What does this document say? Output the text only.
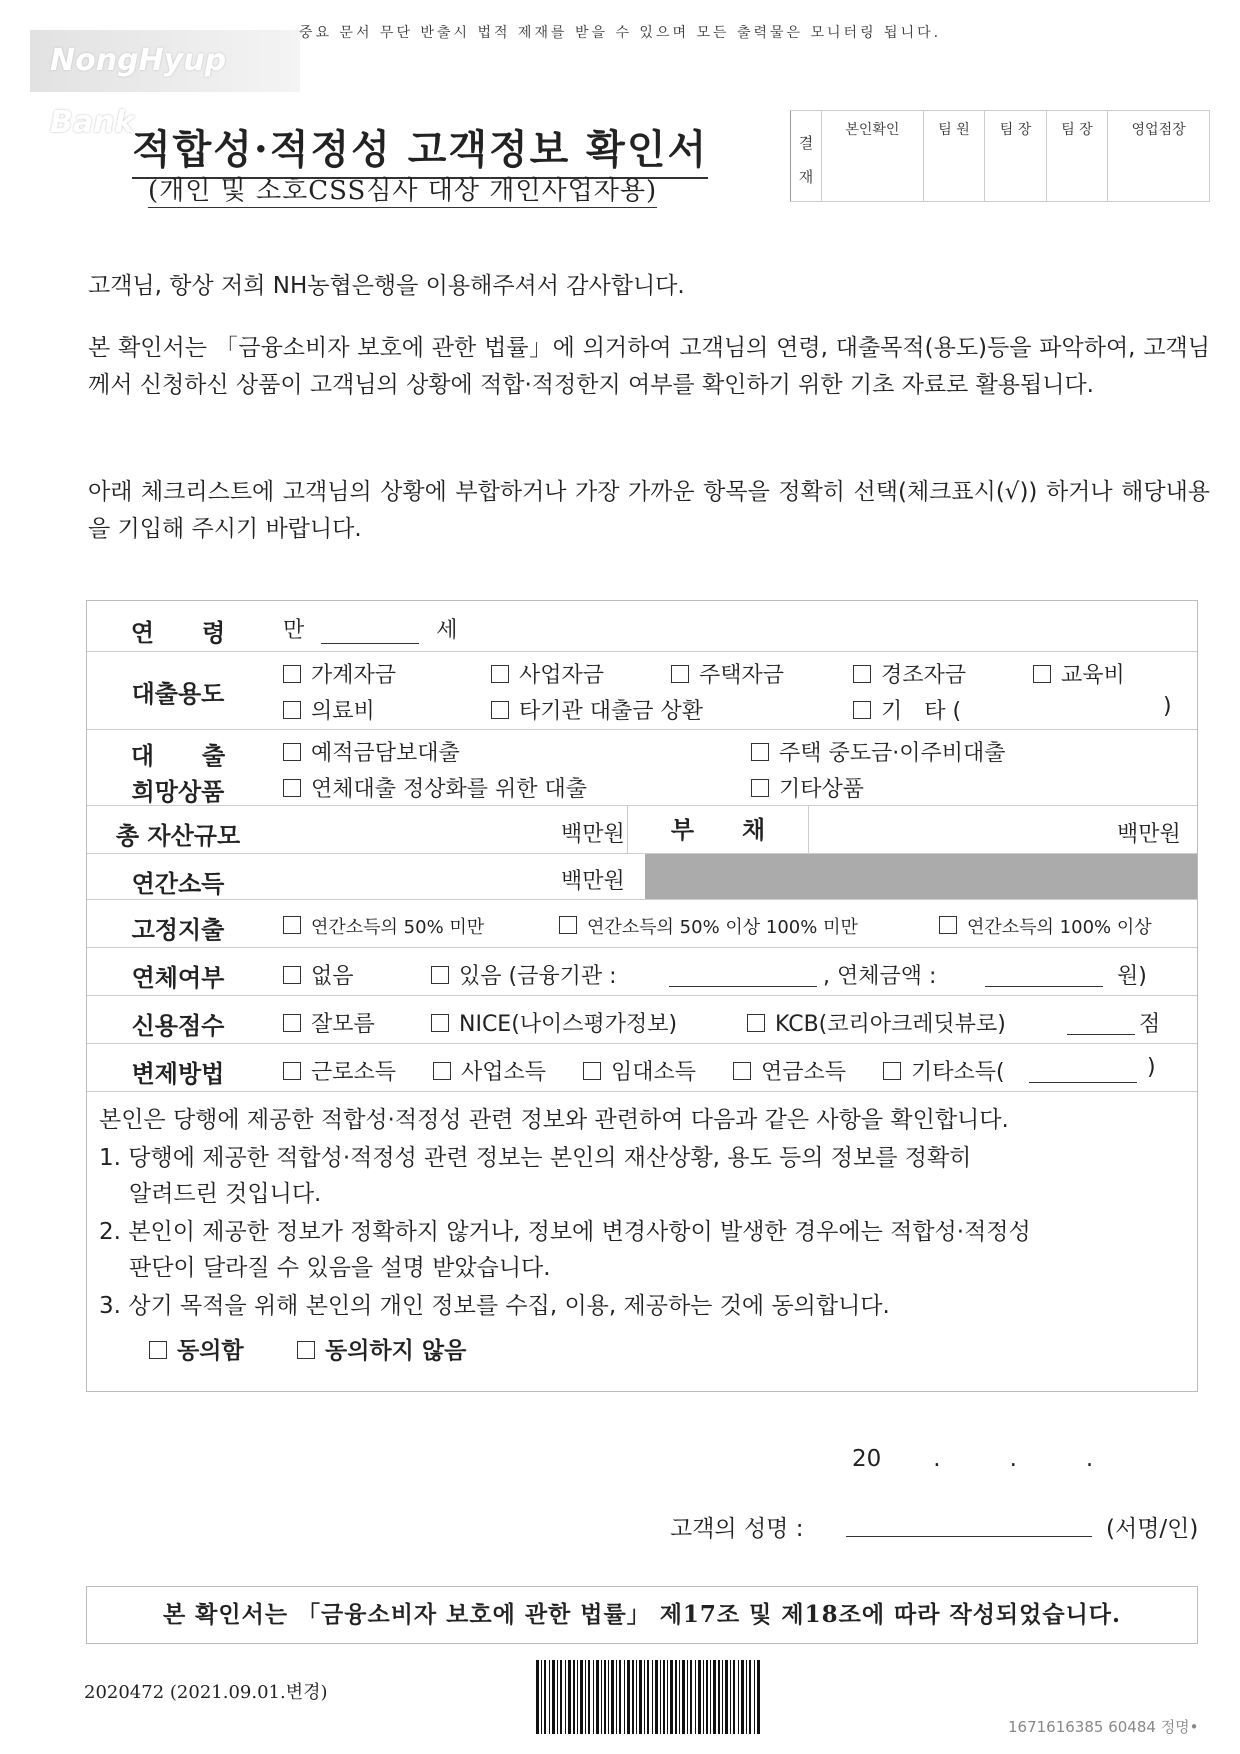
NongHyup Bank
중요 문서 무단 반출시 법적 제재를 받을 수 있으며 모든 출력물은 모니터링 됩니다.
적합성·적정성 고객정보 확인서
(개인 및 소호CSS심사 대상 개인사업자용)
결
재	본인확인	팀 원	팀 장	팀 장	영업점장
고객님, 항상 저희 NH농협은행을 이용해주셔서 감사합니다.
본 확인서는 「금융소비자 보호에 관한 법률」에 의거하여 고객님의 연령, 대출목적(용도)등을 파악하여, 고객님께서 신청하신 상품이 고객님의 상황에 적합·적정한지 여부를 확인하기 위한 기초 자료로 활용됩니다.
아래 체크리스트에 고객님의 상황에 부합하거나 가장 가까운 항목을 정확히 선택(체크표시(√)) 하거나 해당내용을 기입해 주시기 바랍니다.
연　　령	만	세
대출용도
가계자금	사업자금	주택자금	경조자금	교육비
의료비	타기관 대출금 상환	기　타 (	)
대　　출
희망상품
예적금담보대출	주택 중도금·이주비대출
연체대출 정상화를 위한 대출	기타상품
총 자산규모	백만원	부　　채	백만원
연간소득	백만원
고정지출	연간소득의 50% 미만	연간소득의 50% 이상 100% 미만	연간소득의 100% 이상
연체여부	없음	있음 (금융기관 :	, 연체금액 :	원)
신용점수	잘모름	NICE(나이스평가정보)	KCB(코리아크레딧뷰로)	점
변제방법	근로소득	사업소득	임대소득	연금소득	기타소득(	)
본인은 당행에 제공한 적합성·적정성 관련 정보와 관련하여 다음과 같은 사항을 확인합니다.
1. 당행에 제공한 적합성·적정성 관련 정보는 본인의 재산상황, 용도 등의 정보를 정확히
알려드린 것입니다.
2. 본인이 제공한 정보가 정확하지 않거나, 정보에 변경사항이 발생한 경우에는 적합성·적정성
판단이 달라질 수 있음을 설명 받았습니다.
3. 상기 목적을 위해 본인의 개인 정보를 수집, 이용, 제공하는 것에 동의합니다.
동의함	동의하지 않음
20 .　　　.　　　.
고객의 성명 :	(서명/인)
본 확인서는 「금융소비자 보호에 관한 법률」 제17조 및 제18조에 따라 작성되었습니다.
2020472 (2021.09.01.변경)
1671616385 60484 정명•
